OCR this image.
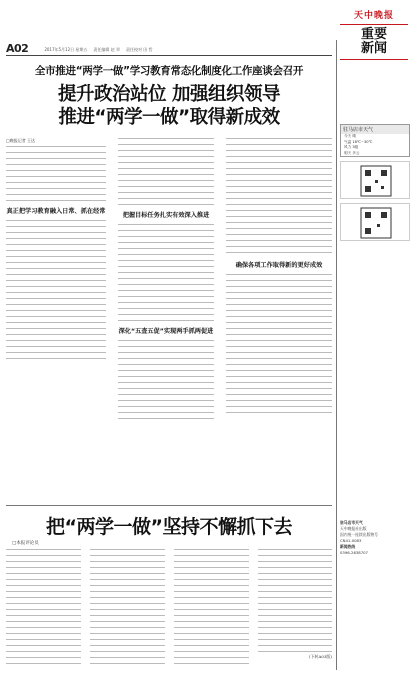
A02	2017年5月12日 星期五 责任编辑 赵 翠 责任校对 田 哲
天中晚报
重要
新闻
全市推进“两学一做”学习教育常态化制度化工作座谈会召开
提升政治站位 加强组织领导
推进“两学一做”取得新成效
□晚报记者 王达
真正把学习教育融入日常、抓在经常
把握目标任务扎实有效深入推进
深化“五查五促”实现两手抓两促进
确保各项工作取得新的更好成效
驻马店市天气
今天 晴
气温 18℃~30℃
风力 3级
明天 多云
把“两学一做”坚持不懈抓下去
□本报评论员
(下转A03版)
驻马店市天气
天中晚报社出版
国内统一连续出版物号
CN41-0083
新闻热线
0396-2638707
